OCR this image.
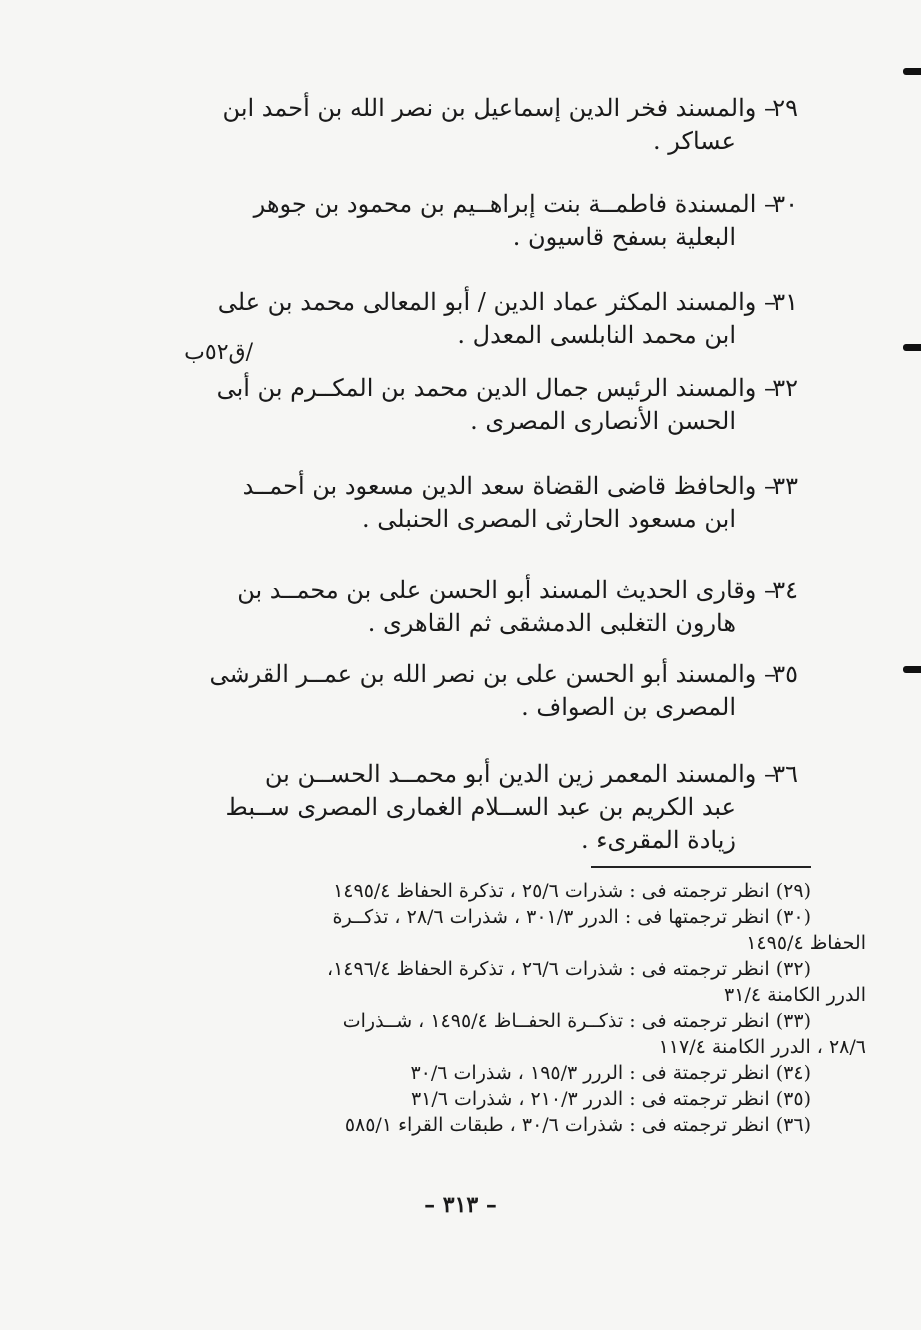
٢٩
– والمسند فخر الدين إسماعيل بن نصر الله بن أحمد ابن
عساكر .
٣٠
– المسندة فاطمــة بنت إبراهــيم بن محمود بن جوهر
البعلية بسفح قاسيون .
٣١
– والمسند المكثر عماد الدين / أبو المعالى محمد بن على
ابن محمد النابلسى المعدل .
/ق٥٢ب
٣٢
– والمسند الرئيس جمال الدين محمد بن المكــرم بن أبى
الحسن الأنصارى المصرى .
٣٣
– والحافظ قاضى القضاة سعد الدين مسعود بن أحمــد
ابن مسعود الحارثى المصرى الحنبلى .
٣٤
– وقارى الحديث المسند أبو الحسن على بن محمــد بن
هارون التغلبى الدمشقى ثم القاهرى .
٣٥
– والمسند أبو الحسن على بن نصر الله بن عمــر القرشى
المصرى بن الصواف .
٣٦
– والمسند المعمر زين الدين أبو محمــد الحســن بن
عبد الكريم بن عبد الســلام الغمارى المصرى ســبط
زيادة المقرىء .
(٢٩) انظر ترجمته فى : شذرات ٢٥/٦ ، تذكرة الحفاظ ١٤٩٥/٤
(٣٠) انظر ترجمتها فى : الدرر ٣٠١/٣ ، شذرات ٢٨/٦ ، تذكــرة
الحفاظ ١٤٩٥/٤
(٣٢) انظر ترجمته فى : شذرات ٢٦/٦ ، تذكرة الحفاظ ١٤٩٦/٤،
الدرر الكامنة ٣١/٤
(٣٣) انظر ترجمته فى : تذكــرة الحفــاظ ١٤٩٥/٤ ، شــذرات
٢٨/٦ ، الدرر الكامنة ١١٧/٤
(٣٤) انظر ترجمتة فى : الررر ١٩٥/٣ ، شذرات ٣٠/٦
(٣٥) انظر ترجمته فى : الدرر ٢١٠/٣ ، شذرات ٣١/٦
(٣٦) انظر ترجمته فى : شذرات ٣٠/٦ ، طبقات القراء ٥٨٥/١
– ٣١٣ –
